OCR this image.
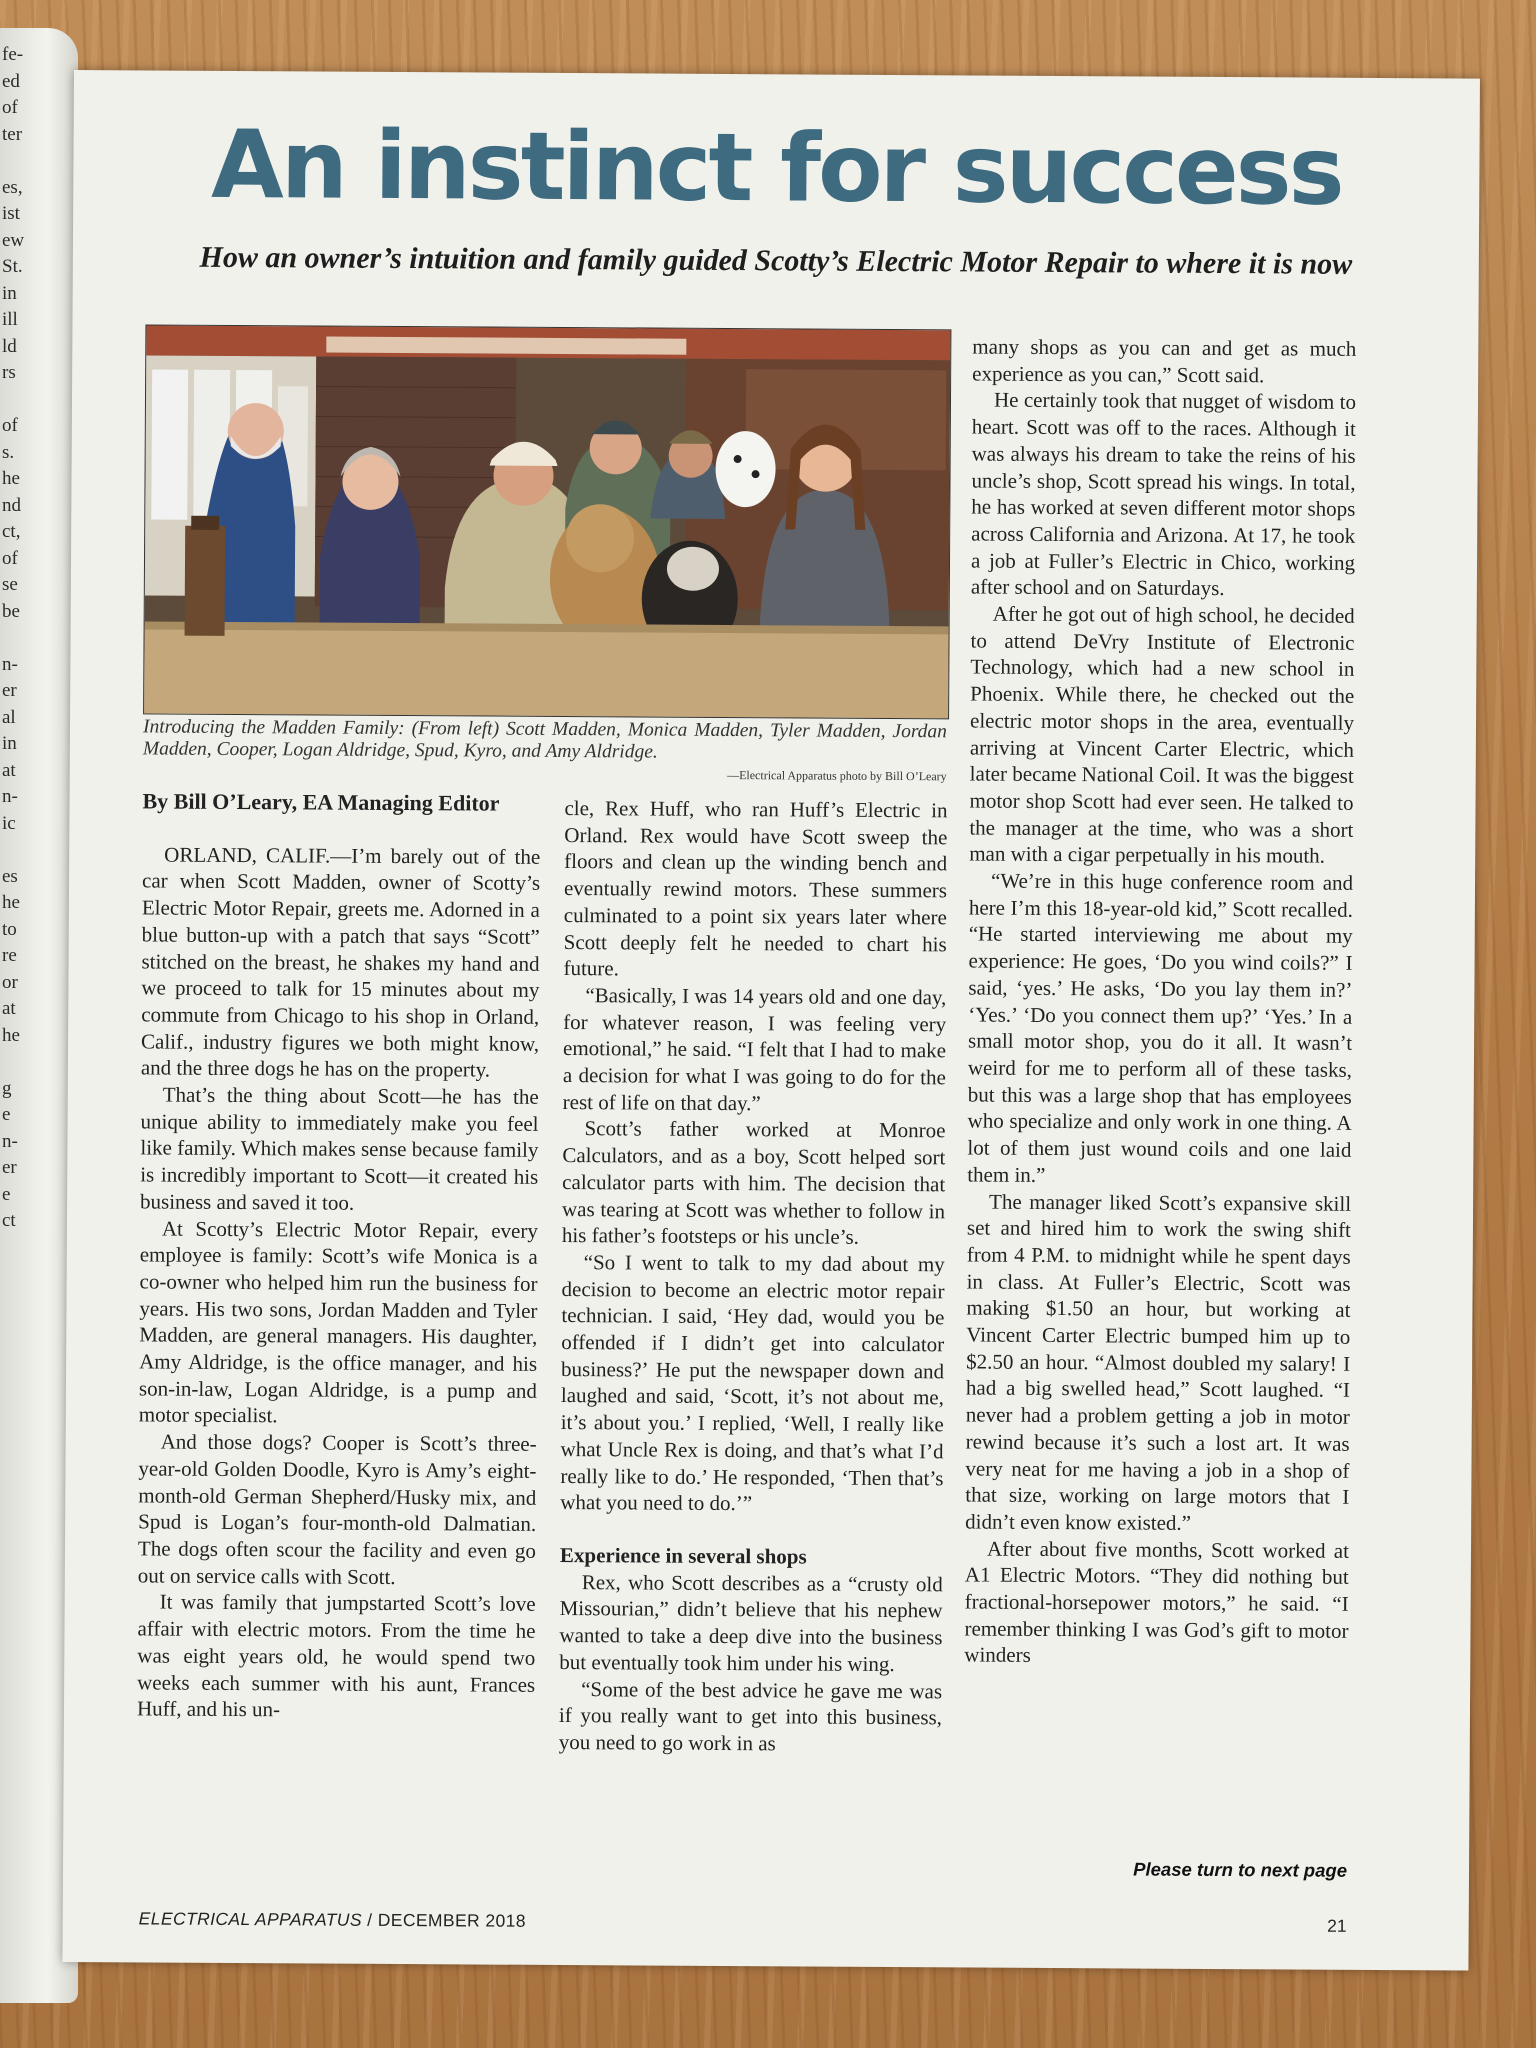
fe-
ed
of
ter

es,
ist
ew
St.
in
ill
ld
rs

of
s.
he
nd
ct,
of
se
be

n-
er
al
in
at
n-
ic

es
he
to
re
or
at
he

g
e
n-
er
e
ct
An instinct for success
How an owner’s intuition and family guided Scotty’s Electric Motor Repair to where it is now
Introducing the Madden Family: (From left) Scott Madden, Monica Madden, Tyler Madden, Jordan Madden, Cooper, Logan Aldridge, Spud, Kyro, and Amy Aldridge.
—Electrical Apparatus photo by Bill O’Leary

By Bill O’Leary, EA Managing Editor

ORLAND, CALIF.—I’m barely out of the car when Scott Madden, owner of Scotty’s Electric Motor Repair, greets me. Adorned in a blue button-up with a patch that says “Scott” stitched on the breast, he shakes my hand and we proceed to talk for 15 minutes about my commute from Chicago to his shop in Orland, Calif., industry figures we both might know, and the three dogs he has on the property.

That’s the thing about Scott—he has the unique ability to immediately make you feel like family. Which makes sense because family is incredibly important to Scott—it created his business and saved it too.

At Scotty’s Electric Motor Repair, every employee is family: Scott’s wife Monica is a co-owner who helped him run the business for years. His two sons, Jordan Madden and Tyler Madden, are general managers. His daughter, Amy Aldridge, is the office manager, and his son-in-law, Logan Aldridge, is a pump and motor specialist.

And those dogs? Cooper is Scott’s three-year-old Golden Doodle, Kyro is Amy’s eight-month-old German Shepherd/Husky mix, and Spud is Logan’s four-month-old Dalmatian. The dogs often scour the facility and even go out on service calls with Scott.

It was family that jumpstarted Scott’s love affair with electric motors. From the time he was eight years old, he would spend two weeks each summer with his aunt, Frances Huff, and his un-

cle, Rex Huff, who ran Huff’s Electric in Orland. Rex would have Scott sweep the floors and clean up the winding bench and eventually rewind motors. These summers culminated to a point six years later where Scott deeply felt he needed to chart his future.

“Basically, I was 14 years old and one day, for whatever reason, I was feeling very emotional,” he said. “I felt that I had to make a decision for what I was going to do for the rest of life on that day.”

Scott’s father worked at Monroe Calculators, and as a boy, Scott helped sort calculator parts with him. The decision that was tearing at Scott was whether to follow in his father’s footsteps or his uncle’s.

“So I went to talk to my dad about my decision to become an electric motor repair technician. I said, ‘Hey dad, would you be offended if I didn’t get into calculator business?’ He put the newspaper down and laughed and said, ‘Scott, it’s not about me, it’s about you.’ I replied, ‘Well, I really like what Uncle Rex is doing, and that’s what I’d really like to do.’ He responded, ‘Then that’s what you need to do.’”

Experience in several shops

Rex, who Scott describes as a “crusty old Missourian,” didn’t believe that his nephew wanted to take a deep dive into the business but eventually took him under his wing.

“Some of the best advice he gave me was if you really want to get into this business, you need to go work in as

many shops as you can and get as much experience as you can,” Scott said.

He certainly took that nugget of wisdom to heart. Scott was off to the races. Although it was always his dream to take the reins of his uncle’s shop, Scott spread his wings. In total, he has worked at seven different motor shops across California and Arizona. At 17, he took a job at Fuller’s Electric in Chico, working after school and on Saturdays.

After he got out of high school, he decided to attend DeVry Institute of Electronic Technology, which had a new school in Phoenix. While there, he checked out the electric motor shops in the area, eventually arriving at Vincent Carter Electric, which later became National Coil. It was the biggest motor shop Scott had ever seen. He talked to the manager at the time, who was a short man with a cigar perpetually in his mouth.

“We’re in this huge conference room and here I’m this 18-year-old kid,” Scott recalled. “He started interviewing me about my experience: He goes, ‘Do you wind coils?” I said, ‘yes.’ He asks, ‘Do you lay them in?’ ‘Yes.’ ‘Do you connect them up?’ ‘Yes.’ In a small motor shop, you do it all. It wasn’t weird for me to perform all of these tasks, but this was a large shop that has employees who specialize and only work in one thing. A lot of them just wound coils and one laid them in.”

The manager liked Scott’s expansive skill set and hired him to work the swing shift from 4 P.M. to midnight while he spent days in class. At Fuller’s Electric, Scott was making $1.50 an hour, but working at Vincent Carter Electric bumped him up to $2.50 an hour. “Almost doubled my salary! I had a big swelled head,” Scott laughed. “I never had a problem getting a job in motor rewind because it’s such a lost art. It was very neat for me having a job in a shop of that size, working on large motors that I didn’t even know existed.”

After about five months, Scott worked at A1 Electric Motors. “They did nothing but fractional-horsepower motors,” he said. “I remember thinking I was God’s gift to motor winders

Please turn to next page
ELECTRICAL APPARATUS / DECEMBER 2018	21
